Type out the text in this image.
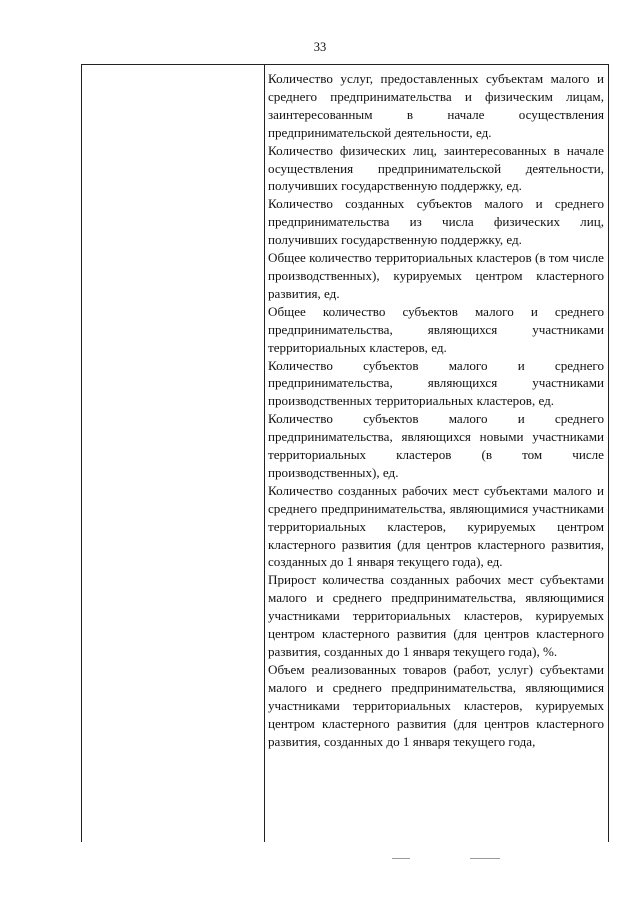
33

Количество услуг, предоставленных субъектам малого и среднего предпринимательства и физическим лицам, заинтересованным в начале осуществления предпринимательской деятельности, ед.

Количество физических лиц, заинтересованных в начале осуществления предпринимательской деятельности, получивших государственную поддержку, ед.

Количество созданных субъектов малого и среднего предпринимательства из числа физических лиц, получивших государственную поддержку, ед.

Общее количество территориальных кластеров (в том числе производственных), курируемых центром кластерного развития, ед.

Общее количество субъектов малого и среднего предпринимательства, являющихся участниками территориальных кластеров, ед.

Количество субъектов малого и среднего предпринимательства, являющихся участниками производственных территориальных кластеров, ед.

Количество субъектов малого и среднего предпринимательства, являющихся новыми участниками территориальных кластеров (в том числе производственных), ед.

Количество созданных рабочих мест субъектами малого и среднего предпринимательства, являющимися участниками территориальных кластеров, курируемых центром кластерного развития (для центров кластерного развития, созданных до 1 января текущего года), ед.

Прирост количества созданных рабочих мест субъектами малого и среднего предпринимательства, являющимися участниками территориальных кластеров, курируемых центром кластерного развития (для центров кластерного развития, созданных до 1 января текущего года), %.

Объем реализованных товаров (работ, услуг) субъектами малого и среднего предпринимательства, являющимися участниками территориальных кластеров, курируемых центром кластерного развития (для центров кластерного развития, созданных до 1 января текущего года,
